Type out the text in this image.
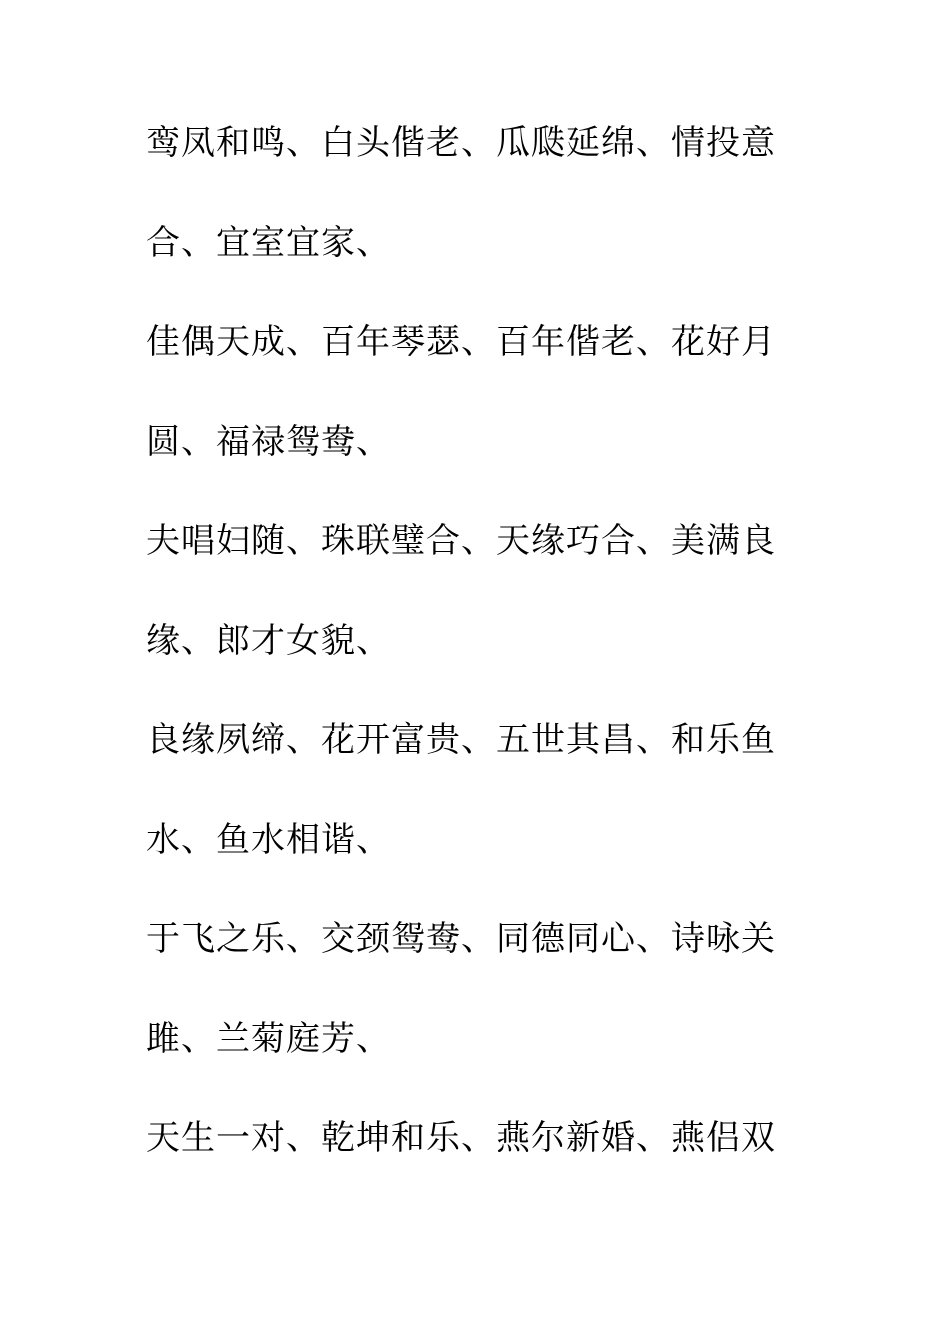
鸾凤和鸣、白头偕老、瓜瓞延绵、情投意
合、宜室宜家、
佳偶天成、百年琴瑟、百年偕老、花好月
圆、福禄鸳鸯、
夫唱妇随、珠联璧合、天缘巧合、美满良
缘、郎才女貌、
良缘夙缔、花开富贵、五世其昌、和乐鱼
水、鱼水相谐、
于飞之乐、交颈鸳鸯、同德同心、诗咏关
雎、兰菊庭芳、
天生一对、乾坤和乐、燕尔新婚、燕侣双
